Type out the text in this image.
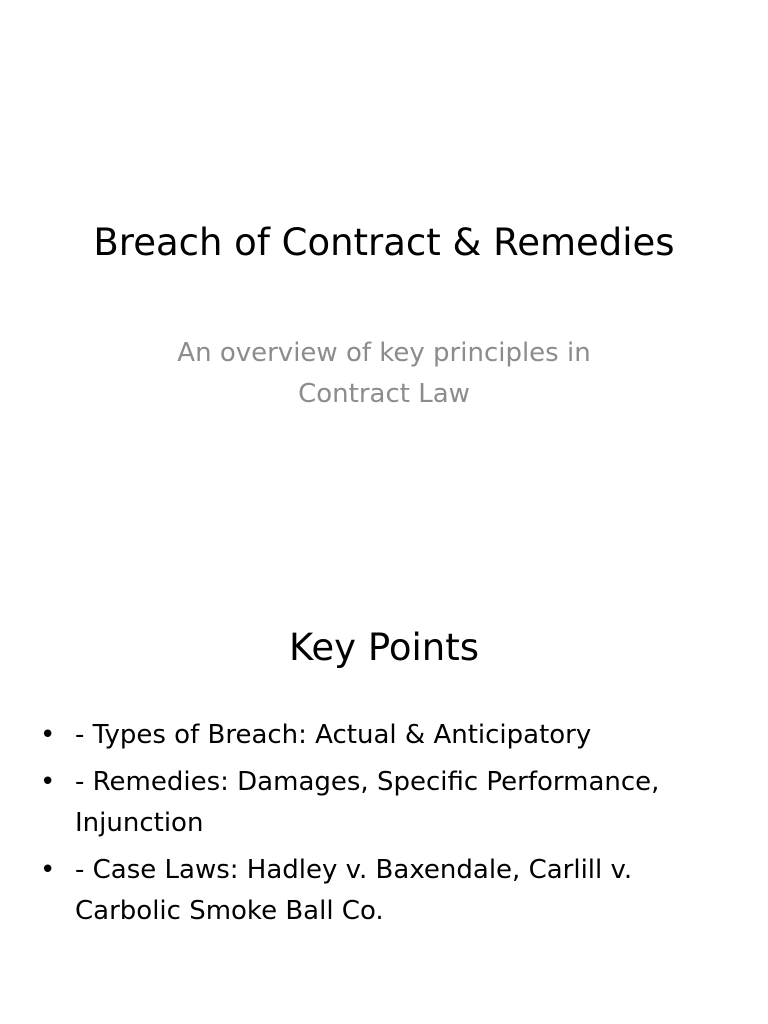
Breach of Contract & Remedies
An overview of key principles in Contract Law
Key Points
• - Types of Breach: Actual & Anticipatory
• - Remedies: Damages, Specific Performance, Injunction
• - Case Laws: Hadley v. Baxendale, Carlill v. Carbolic Smoke Ball Co.
